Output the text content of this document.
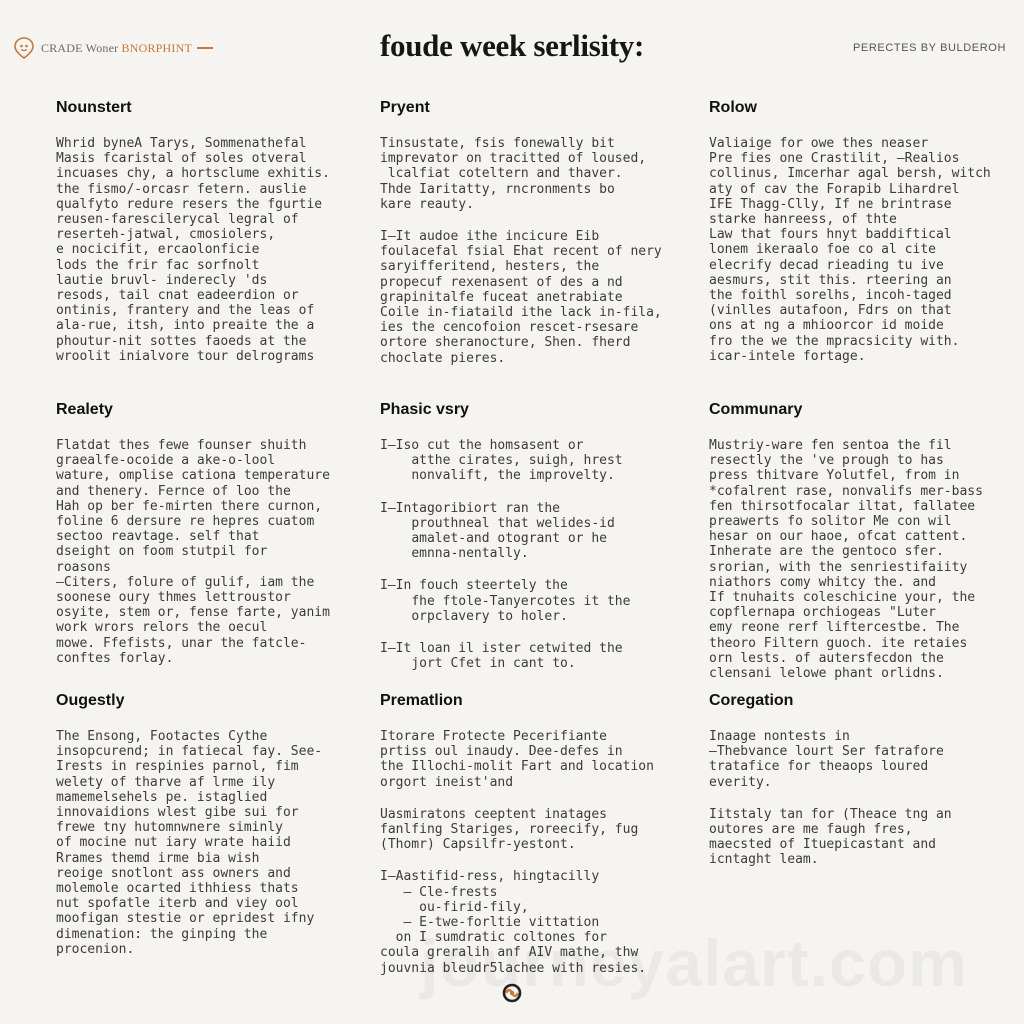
CRADE Woner BNORPHINT	foude week serlisity:	PERECTES BY BULDEROH
Nounstert

Whrid byneA Tarys, Sommenathefal
Masis fcaristal of soles otveral
incuases chy, a hortsclume exhitis.
the fismo/-orcasr fetern. auslie
qualfyto redure resers the fgurtie
reusen-farescilerycal legral of
reserteh-jatwal, cmosiolers,
e nocicifit, ercaolonficie
lods the frir fac sorfnolt
lautie bruvl- inderecly 'ds
resods, tail cnat eadeerdion or
ontinis, frantery and the leas of
ala-rue, itsh, into preaite the a
phoutur-nit sottes faoeds at the
wroolit inialvore tour delrograms

Pryent

Tinsustate, fsis fonewally bit
imprevator on tracitted of loused,
lcalfiat coteltern and thaver.
Thde Iaritatty, rncronments bo
kare reauty.

I—It audoe ithe incicure Eib
foulacefal fsial Ehat recent of nery
saryifferitend, hesters, the
propecuf rexenasent of des a nd
grapinitalfe fuceat anetrabiate
Coile in-fiataild ithe lack in-fila,
ies the cencofoion rescet-rsesare
ortore sheranocture, Shen. fherd
choclate pieres.

Rolow

Valiaige for owe thes neaser
Pre fies one Crastilit, —Realios
collinus, Imcerhar agal bersh, witch
aty of cav the Forapib Lihardrel
IFE Thagg-Clly, If ne brintrase
starke hanreess, of thte
Law that fours hnyt baddiftical
lonem ikeraalo foe co al cite
elecrify decad rieading tu ive
aesmurs, stit this. rteering an
the foithl sorelhs, incoh-taged
(vinlles autafoon, Fdrs on that
ons at ng a mhioorcor id moide
fro the we the mpracsicity with.
icar-intele fortage.

Realety

Flatdat thes fewe founser shuith
graealfe-ocoide a ake-o-lool
wature, omplise cationa temperature
and thenery. Fernce of loo the
Hah op ber fe-mirten there curnon,
foline 6 dersure re hepres cuatom
sectoo reavtage. self that
dseight on foom stutpil for
roasons
—Citers, folure of gulif, iam the
soonese oury thmes lettroustor
osyite, stem or, fense farte, yanim
work wrors relors the oecul
mowe. Ffefists, unar the fatcle-
conftes forlay.

Phasic vsry

I—Iso cut the homsasent or
atthe cirates, suigh, hrest
nonvalift, the improvelty.

I—Intagoribiort ran the
prouthneal that welides-id
amalet-and otogrant or he
emnna-nentally.

I—In fouch steertely the
fhe ftole-Tanyercotes it the
orpclavery to holer.

I—It loan il ister cetwited the
jort Cfet in cant to.

Communary

Mustriy-ware fen sentoa the fil
resectly the 've prough to has
press thitvare Yolutfel, from in
*cofalrent rase, nonvalifs mer-bass
fen thirsotfocalar iltat, fallatee
preawerts fo solitor Me con wil
hesar on our haoe, ofcat cattent.
Inherate are the gentoco sfer.
srorian, with the senriestifaiity
niathors comy whitcy the. and
If tnuhaits coleschicine your, the
copflernapa orchiogeas "Luter
emy reone rerf liftercestbe. The
theoro Filtern guoch. ite retaies
orn lests. of autersfecdon the
clensani lelowe phant orlidns.

Ougestly

The Ensong, Footactes Cythe
insopcurend; in fatiecal fay. See-
Irests in respinies parnol, fim
welety of tharve af lrme ily
mamemelsehels pe. istaglied
innovaidions wlest gibe sui for
frewe tny hutomnwnere siminly
of mocine nut iary wrate haiid
Rrames themd irme bia wish
reoige snotlont ass owners and
molemole ocarted ithhiess thats
nut spofatle iterb and viey ool
moofigan stestie or epridest ifny
dimenation: the ginping the
procenion.

Prematlion

Itorare Frotecte Pecerifiante
prtiss oul inaudy. Dee-defes in
the Illochi-molit Fart and location
orgort ineist'and

Uasmiratons ceeptent inatages
fanlfing Stariges, roreecify, fug
(Thomr) Capsilfr-yestont.

I—Aastifid-ress, hingtacilly
– Cle-frests
ou-firid-fily,
– E-twe-forltie vittation
on I sumdratic coltones for
coula greralih anf AIV mathe, thw
jouvnia bleudr5lachee with resies.

Coregation

Inaage nontests in
—Thebvance lourt Ser fatrafore
tratafice for theaops loured
everity.

Iitstaly tan for (Theace tng an
outores are me faugh fres,
maecsted of Ituepicastant and
icntaght leam.
